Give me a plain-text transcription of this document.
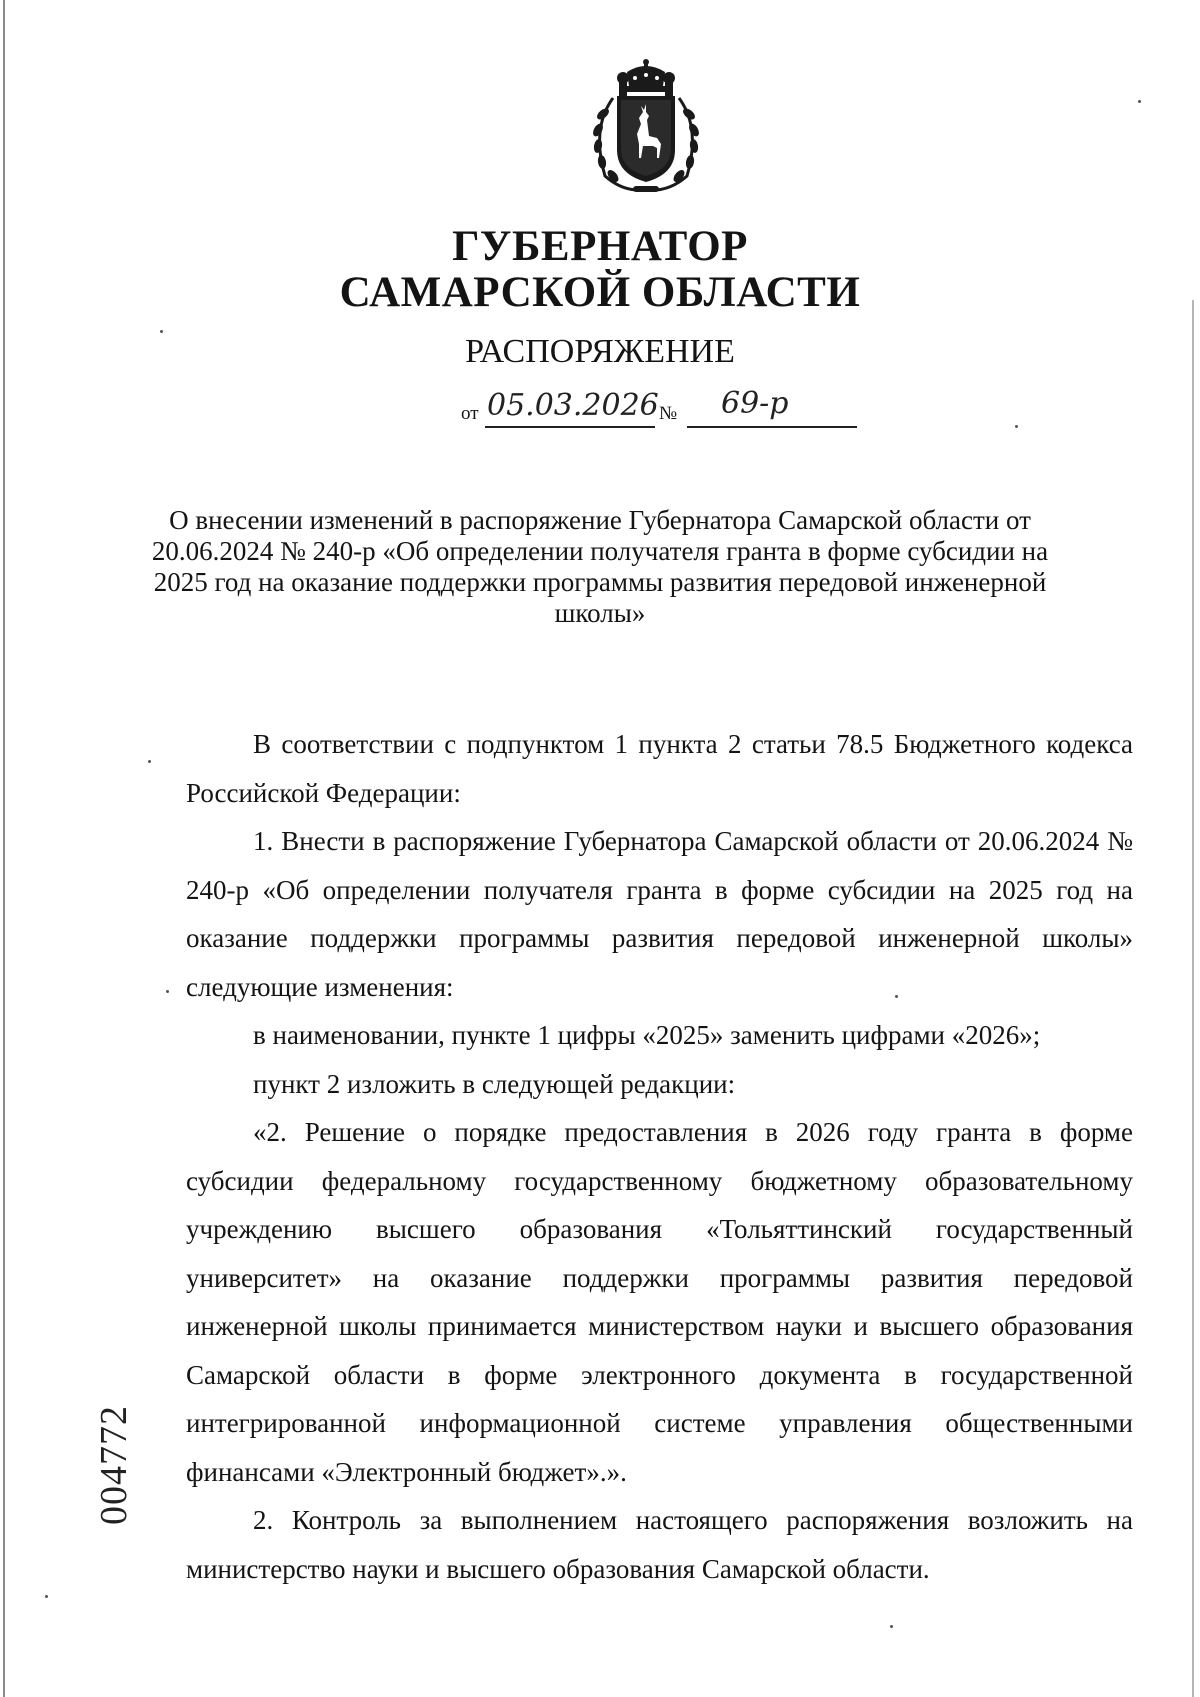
ГУБЕРНАТОР
САМАРСКОЙ ОБЛАСТИ
РАСПОРЯЖЕНИЕ
от 05.03.2026 № 69-р
О внесении изменений в распоряжение Губернатора Самарской области от 20.06.2024 № 240-р «Об определении получателя гранта в форме субсидии на 2025 год на оказание поддержки программы развития передовой инженерной школы»

В соответствии с подпунктом 1 пункта 2 статьи 78.5 Бюджетного кодекса Российской Федерации:

1. Внести в распоряжение Губернатора Самарской области от 20.06.2024 № 240-р «Об определении получателя гранта в форме субсидии на 2025 год на оказание поддержки программы развития передовой инженерной школы» следующие изменения:

в наименовании, пункте 1 цифры «2025» заменить цифрами «2026»;

пункт 2 изложить в следующей редакции:

«2. Решение о порядке предоставления в 2026 году гранта в форме субсидии федеральному государственному бюджетному образовательному учреждению высшего образования «Тольяттинский государственный университет» на оказание поддержки программы развития передовой инженерной школы принимается министерством науки и высшего образования Самарской области в форме электронного документа в государственной интегрированной информационной системе управления общественными финансами «Электронный бюджет».».

2. Контроль за выполнением настоящего распоряжения возложить на министерство науки и высшего образования Самарской области.

004772
